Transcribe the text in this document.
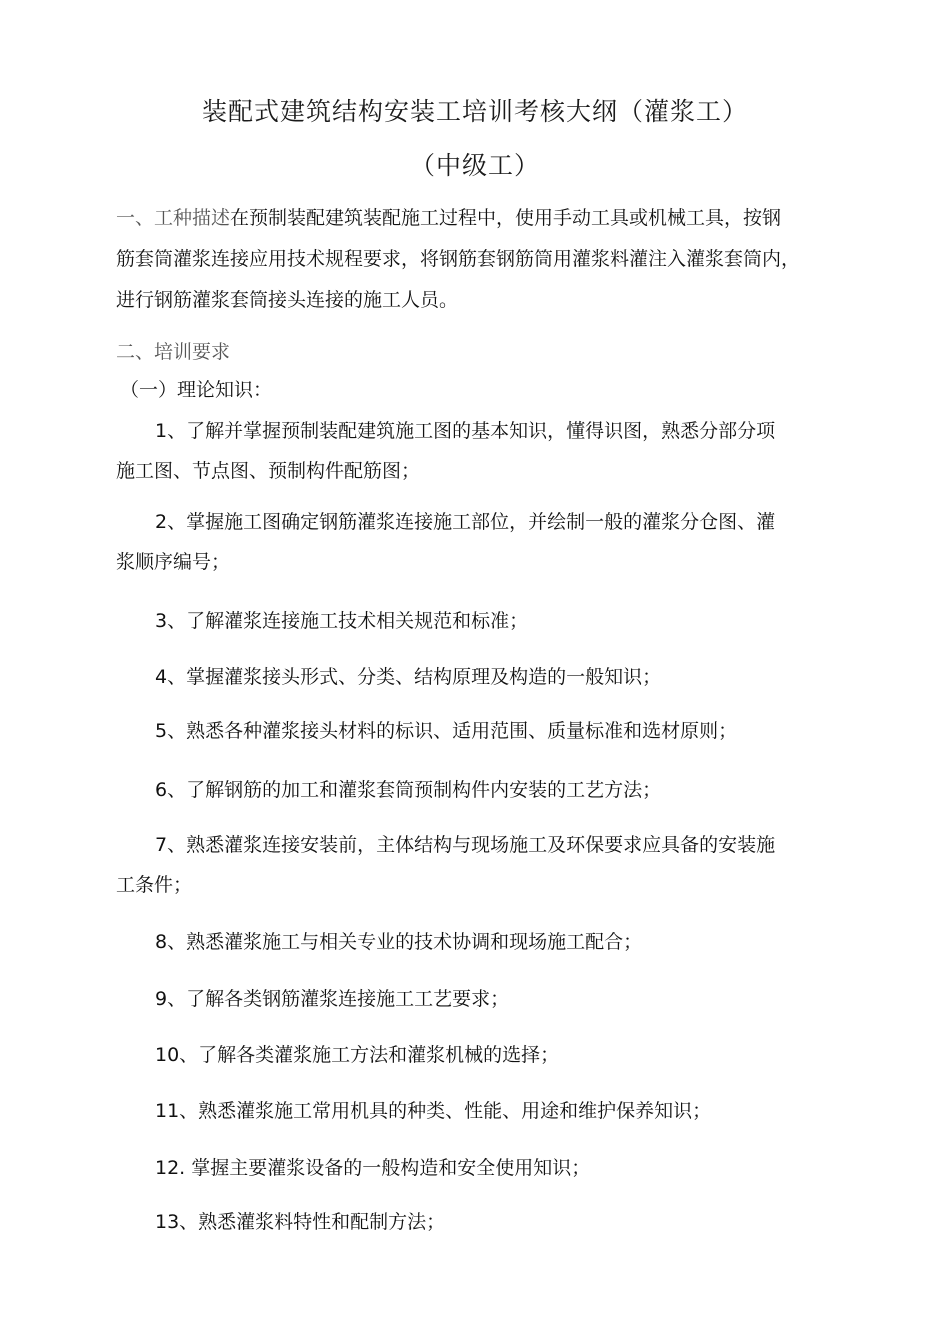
装配式建筑结构安装工培训考核大纲（灌浆工）
（中级工）
一、工种描述在预制装配建筑装配施工过程中，使用手动工具或机械工具，按钢
筋套筒灌浆连接应用技术规程要求，将钢筋套钢筋筒用灌浆料灌注入灌浆套筒内，
进行钢筋灌浆套筒接头连接的施工人员。
二、培训要求
（一）理论知识：
1、了解并掌握预制装配建筑施工图的基本知识，懂得识图，熟悉分部分项
施工图、节点图、预制构件配筋图；
2、掌握施工图确定钢筋灌浆连接施工部位，并绘制一般的灌浆分仓图、灌
浆顺序编号；
3、了解灌浆连接施工技术相关规范和标准；
4、掌握灌浆接头形式、分类、结构原理及构造的一般知识；
5、熟悉各种灌浆接头材料的标识、适用范围、质量标准和选材原则；
6、了解钢筋的加工和灌浆套筒预制构件内安装的工艺方法；
7、熟悉灌浆连接安装前，主体结构与现场施工及环保要求应具备的安装施
工条件；
8、熟悉灌浆施工与相关专业的技术协调和现场施工配合；
9、了解各类钢筋灌浆连接施工工艺要求；
10、了解各类灌浆施工方法和灌浆机械的选择；
11、熟悉灌浆施工常用机具的种类、性能、用途和维护保养知识；
12. 掌握主要灌浆设备的一般构造和安全使用知识；
13、熟悉灌浆料特性和配制方法；
